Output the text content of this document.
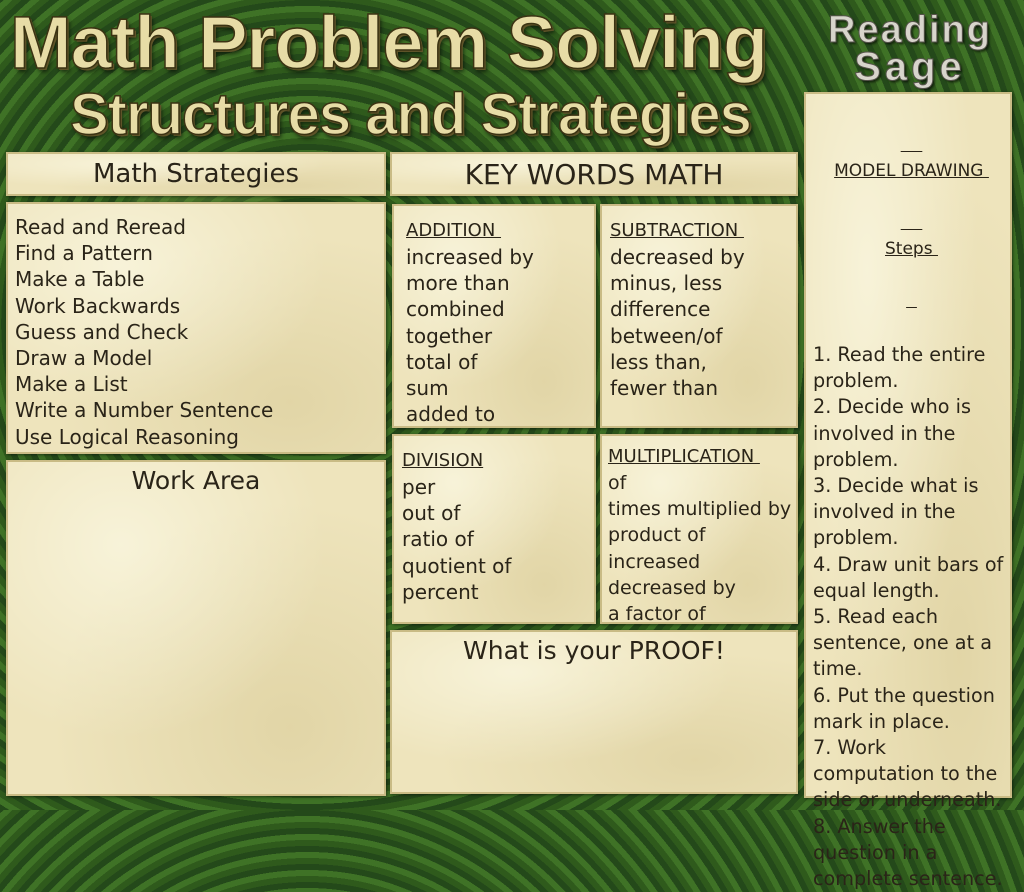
Math Problem Solving
Structures and Strategies
Reading
Sage
Math Strategies
Read and Reread
Find a Pattern
Make a Table
Work Backwards
Guess and Check
Draw a Model
Make a List
Write a Number Sentence
Use Logical Reasoning
Work Area
KEY WORDS MATH
ADDITION
increased by
more than
combined
together
total of
sum
added to
SUBTRACTION
decreased by
minus, less
difference
between/of
less than,
fewer than
DIVISION
per
out of
ratio of
quotient of
percent
MULTIPLICATION
of
times multiplied by
product of
increased
decreased by
a factor of
What is your PROOF!

MODEL DRAWING

Steps

1. Read the entire
problem.
2. Decide who is
involved in the
problem.
3. Decide what is
involved in the
problem.
4. Draw unit bars of
equal length.
5. Read each
sentence, one at a
time.
6. Put the question
mark in place.
7. Work
computation to the
side or underneath.
8. Answer the
question in a
complete sentence.
